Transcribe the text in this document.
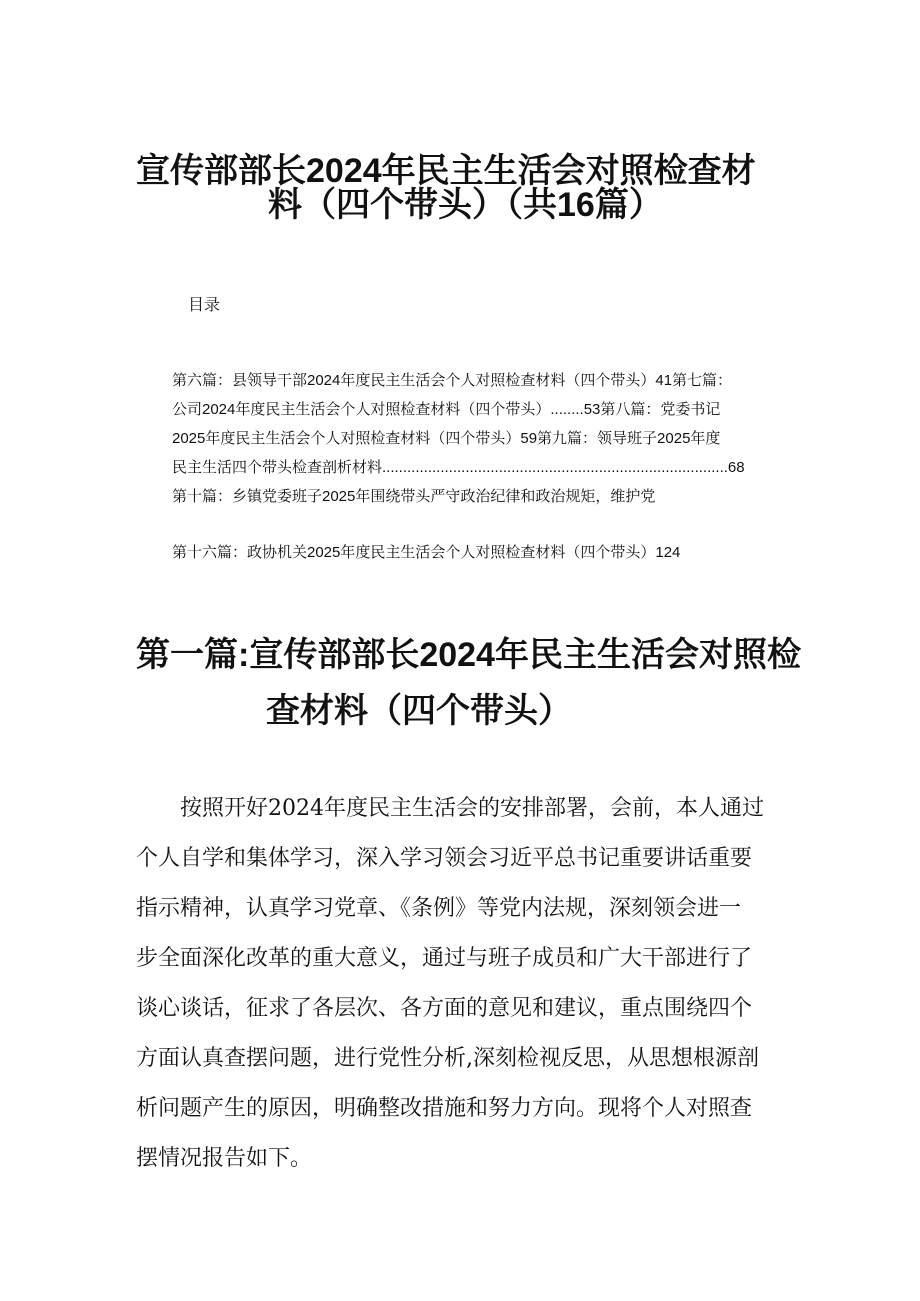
宣传部部长2024年民主生活会对照检查材
料（四个带头）（共16篇）

目录

第六篇：县领导干部2024年度民主生活会个人对照检查材料（四个带头）41第七篇：

公司2024年度民主生活会个人对照检查材料（四个带头）........53第八篇：党委书记

2025年度民主生活会个人对照检查材料（四个带头）59第九篇：领导班子2025年度

民主生活四个带头检查剖析材料...................................................................................68

第十篇：乡镇党委班子2025年围绕带头严守政治纪律和政治规矩，维护党

第十六篇：政协机关2025年度民主生活会个人对照检查材料（四个带头）124

第一篇:宣传部部长2024年民主生活会对照检
查材料（四个带头）

　　按照开好2024年度民主生活会的安排部署，会前，本人通过
个人自学和集体学习，深入学习领会习近平总书记重要讲话重要
指示精神，认真学习党章、《条例》等党内法规，深刻领会进一
步全面深化改革的重大意义，通过与班子成员和广大干部进行了
谈心谈话，征求了各层次、各方面的意见和建议，重点围绕四个
方面认真查摆问题，进行党性分析,深刻检视反思，从思想根源剖
析问题产生的原因，明确整改措施和努力方向。现将个人对照查
摆情况报告如下。
